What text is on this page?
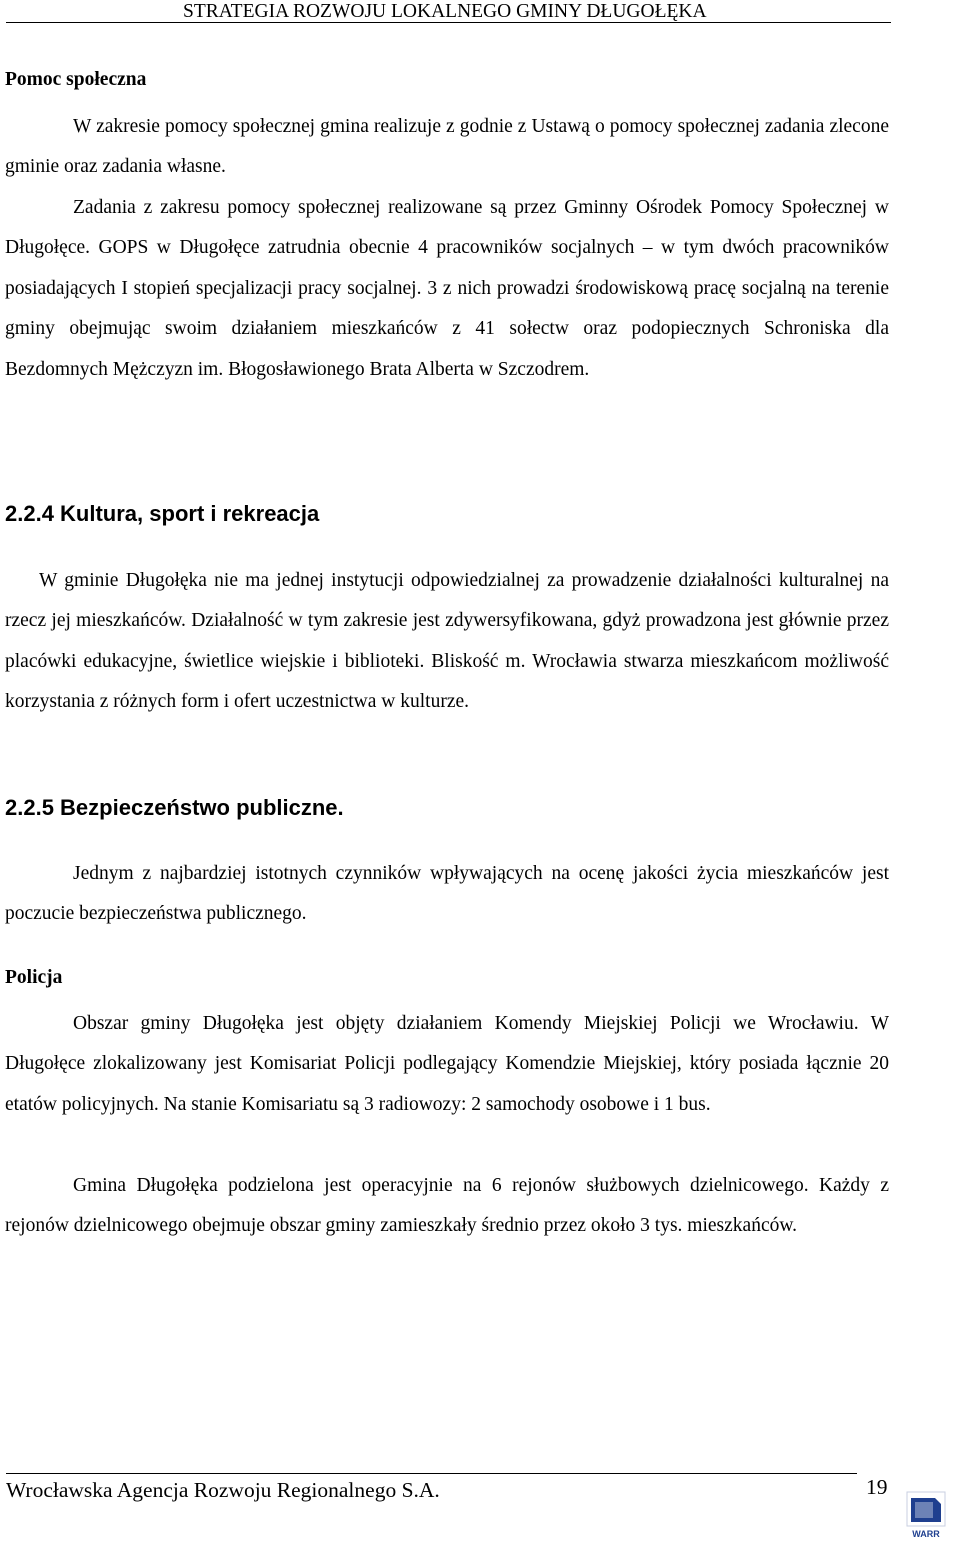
STRATEGIA ROZWOJU LOKALNEGO GMINY DŁUGOŁĘKA
Pomoc społeczna

W zakresie pomocy społecznej gmina realizuje z godnie z Ustawą o pomocy społecznej zadania zlecone gminie oraz zadania własne.

Zadania z zakresu pomocy społecznej realizowane są przez Gminny Ośrodek Pomocy Społecznej w Długołęce. GOPS w Długołęce zatrudnia obecnie 4 pracowników socjalnych – w tym dwóch pracowników posiadających I stopień specjalizacji pracy socjalnej. 3 z nich prowadzi środowiskową pracę socjalną na terenie gminy obejmując swoim działaniem mieszkańców z 41 sołectw oraz podopiecznych Schroniska dla Bezdomnych Mężczyzn im. Błogosławionego Brata Alberta w Szczodrem.

2.2.4 Kultura, sport i rekreacja

W gminie Długołęka nie ma jednej instytucji odpowiedzialnej za prowadzenie działalności kulturalnej na rzecz jej mieszkańców. Działalność w tym zakresie jest zdywersyfikowana, gdyż prowadzona jest głównie przez placówki edukacyjne, świetlice wiejskie i biblioteki. Bliskość m. Wrocławia stwarza mieszkańcom możliwość korzystania z różnych form i ofert uczestnictwa w kulturze.

2.2.5 Bezpieczeństwo publiczne.

Jednym z najbardziej istotnych czynników wpływających na ocenę jakości życia mieszkańców jest poczucie bezpieczeństwa publicznego.

Policja

Obszar gminy Długołęka jest objęty działaniem Komendy Miejskiej Policji we Wrocławiu. W Długołęce zlokalizowany jest Komisariat Policji podlegający Komendzie Miejskiej, który posiada łącznie 20 etatów policyjnych. Na stanie Komisariatu są 3 radiowozy: 2 samochody osobowe i 1 bus.

Gmina Długołęka podzielona jest operacyjnie na 6 rejonów służbowych dzielnicowego. Każdy z rejonów dzielnicowego obejmuje obszar gminy zamieszkały średnio przez około 3 tys. mieszkańców.

Wrocławska Agencja Rozwoju Regionalnego S.A.	19
WARR
